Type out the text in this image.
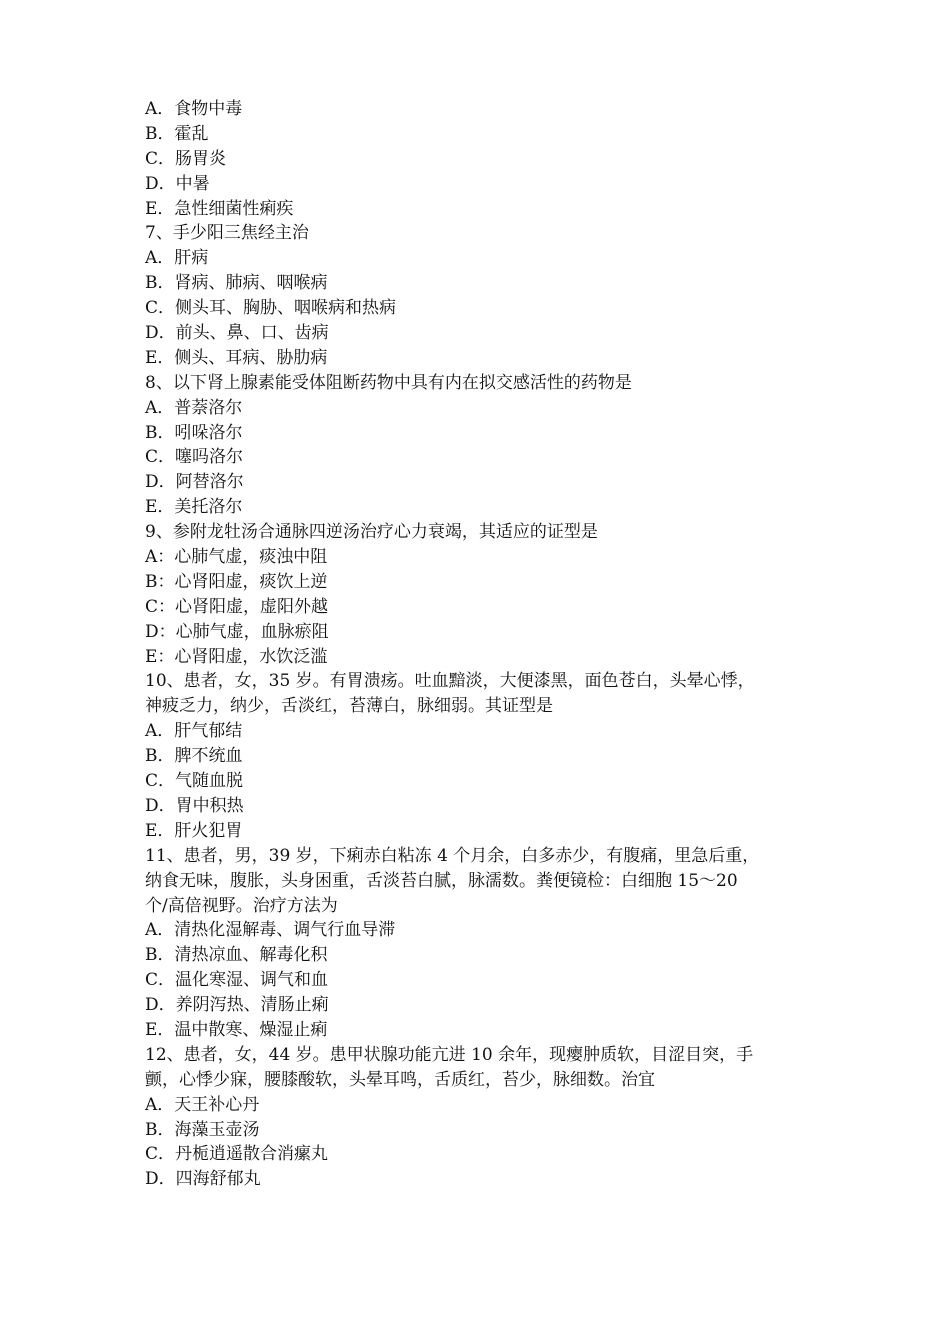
A．食物中毒
B．霍乱
C．肠胃炎
D．中暑
E．急性细菌性痢疾
7、手少阳三焦经主治
A．肝病
B．肾病、肺病、咽喉病
C．侧头耳、胸胁、咽喉病和热病
D．前头、鼻、口、齿病
E．侧头、耳病、胁肋病
8、以下肾上腺素能受体阻断药物中具有内在拟交感活性的药物是
A．普萘洛尔
B．吲哚洛尔
C．噻吗洛尔
D．阿替洛尔
E．美托洛尔
9、参附龙牡汤合通脉四逆汤治疗心力衰竭，其适应的证型是
A：心肺气虚，痰浊中阻
B：心肾阳虚，痰饮上逆
C：心肾阳虚，虚阳外越
D：心肺气虚，血脉瘀阻
E：心肾阳虚，水饮泛滥
10、患者，女，35 岁。有胃溃疡。吐血黯淡，大便漆黑，面色苍白，头晕心悸，
神疲乏力，纳少，舌淡红，苔薄白，脉细弱。其证型是
A．肝气郁结
B．脾不统血
C．气随血脱
D．胃中积热
E．肝火犯胃
11、患者，男，39 岁，下痢赤白粘冻 4 个月余，白多赤少，有腹痛，里急后重，
纳食无味，腹胀，头身困重，舌淡苔白腻，脉濡数。粪便镜检：白细胞 15～20
个/高倍视野。治疗方法为
A．清热化湿解毒、调气行血导滞
B．清热凉血、解毒化积
C．温化寒湿、调气和血
D．养阴泻热、清肠止痢
E．温中散寒、燥湿止痢
12、患者，女，44 岁。患甲状腺功能亢进 10 余年，现瘿肿质软，目涩目突，手
颤，心悸少寐，腰膝酸软，头晕耳鸣，舌质红，苔少，脉细数。治宜
A．天王补心丹
B．海藻玉壶汤
C．丹栀逍遥散合消瘰丸
D．四海舒郁丸
